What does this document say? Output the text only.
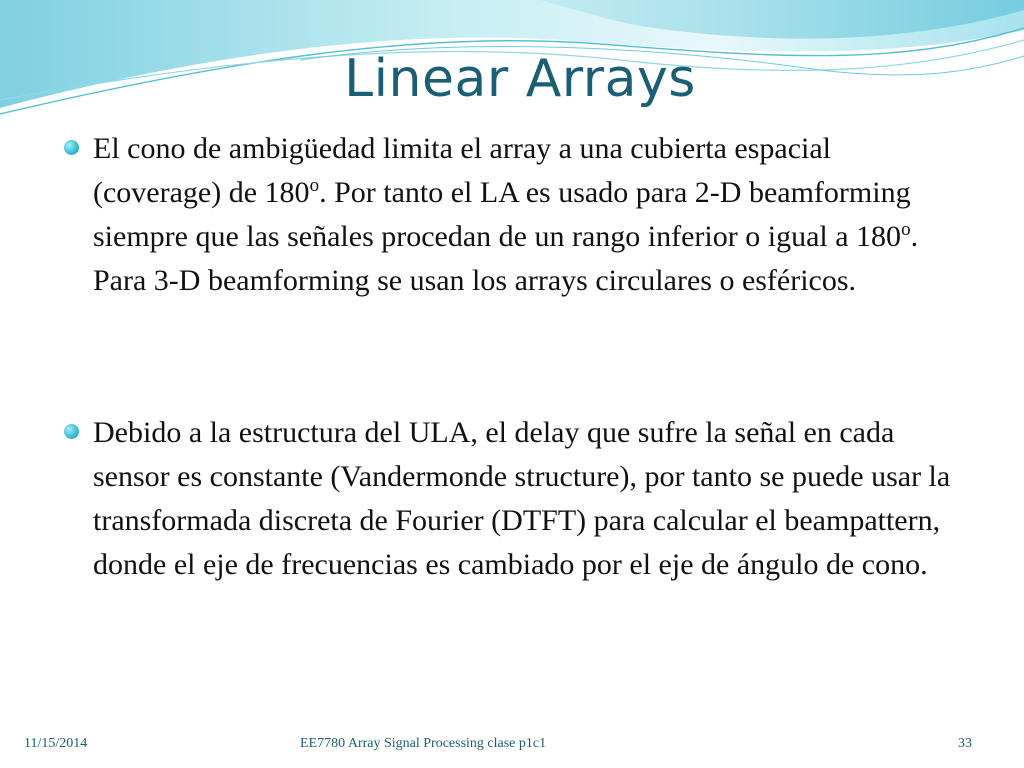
Linear Arrays
El cono de ambigüedad limita el array a una cubierta espacial (coverage) de 180$^o$. Por tanto el LA es usado para 2-D beamforming siempre que las señales procedan de un rango inferior o igual a 180$^o$. Para 3-D beamforming se usan los arrays circulares o esféricos.
Debido a la estructura del ULA, el delay que sufre la señal en cada sensor es constante (Vandermonde structure), por tanto se puede usar la transformada discreta de Fourier (DTFT) para calcular el beampattern, donde el eje de frecuencias es cambiado por el eje de ángulo de cono.
11/15/2014	EE7780 Array Signal Processing clase p1c1	33
